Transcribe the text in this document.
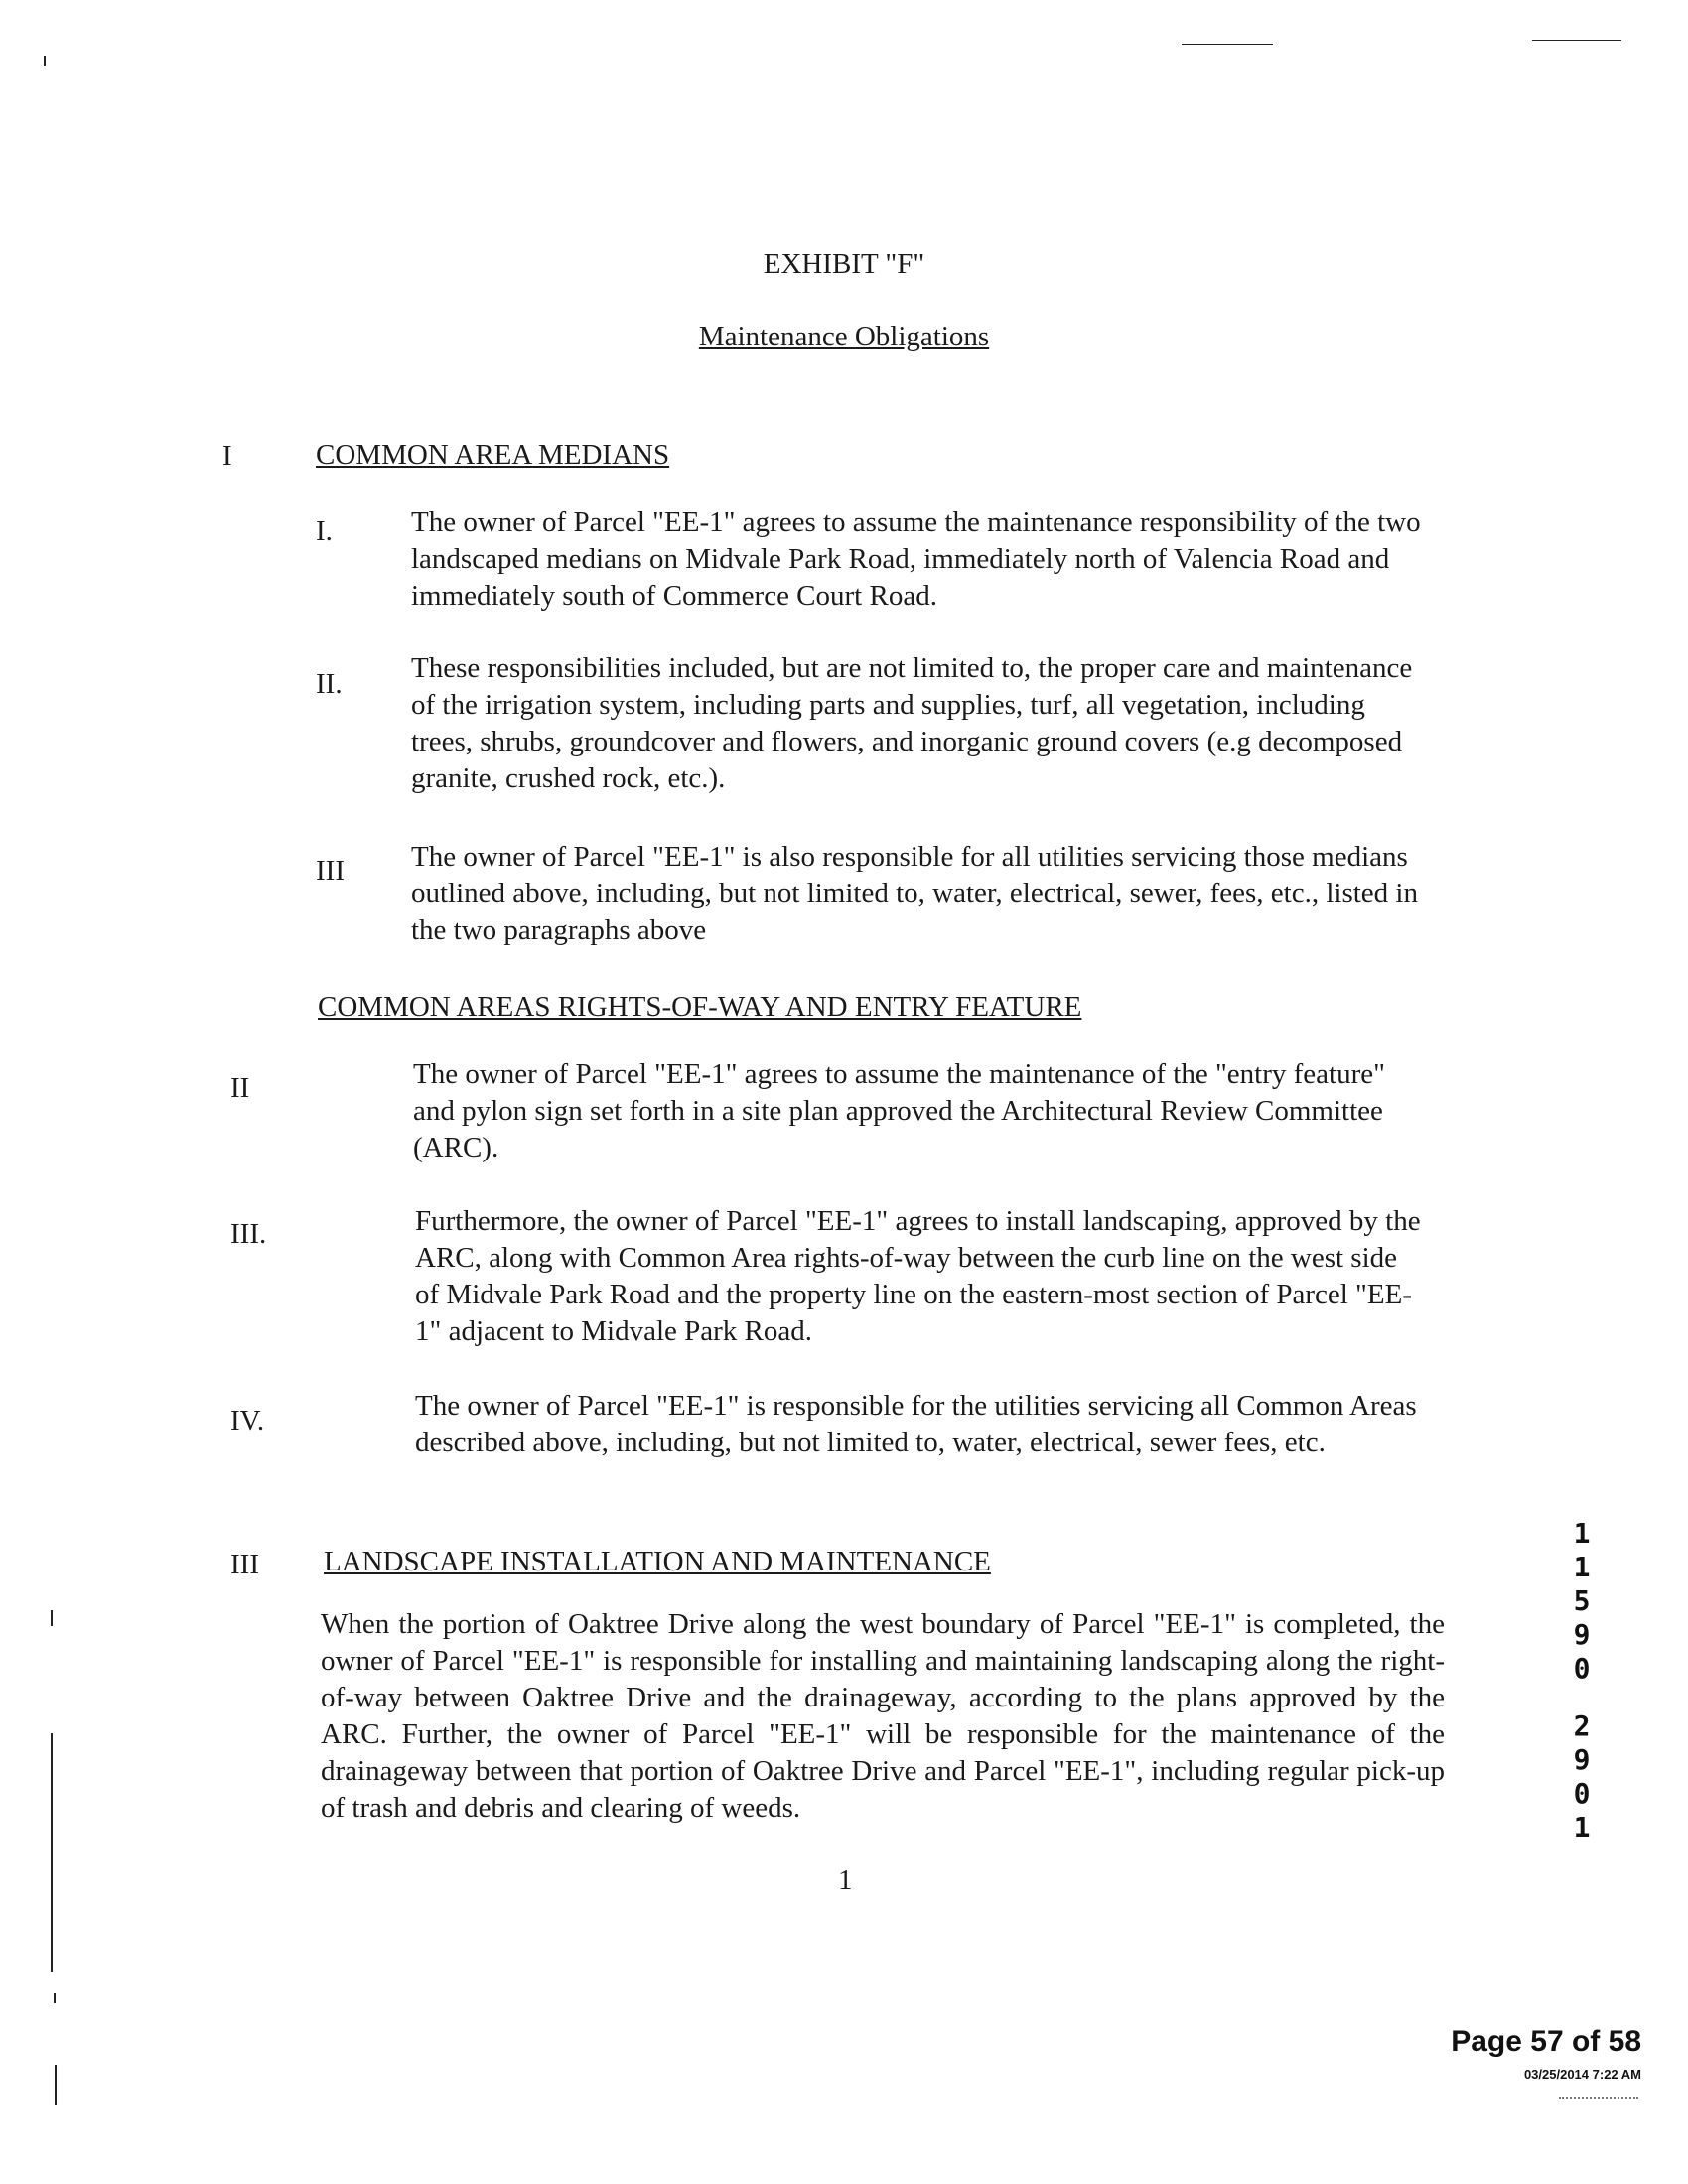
EXHIBIT "F"
Maintenance Obligations
I	COMMON AREA MEDIANS
I.	The owner of Parcel "EE-1" agrees to assume the maintenance responsibility of the two landscaped medians on Midvale Park Road, immediately north of Valencia Road and immediately south of Commerce Court Road.
II. These responsibilities included, but are not limited to, the proper care and maintenance of the irrigation system, including parts and supplies, turf, all vegetation, including trees, shrubs, groundcover and flowers, and inorganic ground covers (e.g decomposed granite, crushed rock, etc.).
III The owner of Parcel "EE-1" is also responsible for all utilities servicing those medians outlined above, including, but not limited to, water, electrical, sewer, fees, etc., listed in the two paragraphs above
COMMON AREAS RIGHTS-OF-WAY AND ENTRY FEATURE
II	The owner of Parcel "EE-1" agrees to assume the maintenance of the "entry feature" and pylon sign set forth in a site plan approved the Architectural Review Committee (ARC).
III.	Furthermore, the owner of Parcel "EE-1" agrees to install landscaping, approved by the ARC, along with Common Area rights-of-way between the curb line on the west side of Midvale Park Road and the property line on the eastern-most section of Parcel "EE-1" adjacent to Midvale Park Road.
IV.	The owner of Parcel "EE-1" is responsible for the utilities servicing all Common Areas described above, including, but not limited to, water, electrical, sewer fees, etc.
III LANDSCAPE INSTALLATION AND MAINTENANCE
When the portion of Oaktree Drive along the west boundary of Parcel "EE-1" is completed, the owner of Parcel "EE-1" is responsible for installing and maintaining landscaping along the right-of-way between Oaktree Drive and the drainageway, according to the plans approved by the ARC. Further, the owner of Parcel "EE-1" will be responsible for the maintenance of the drainageway between that portion of Oaktree Drive and Parcel "EE-1", including regular pick-up of trash and debris and clearing of weeds.
1
1
1
5
9
0
2
9
0
1
Page 57 of 58
03/25/2014 7:22 AM
